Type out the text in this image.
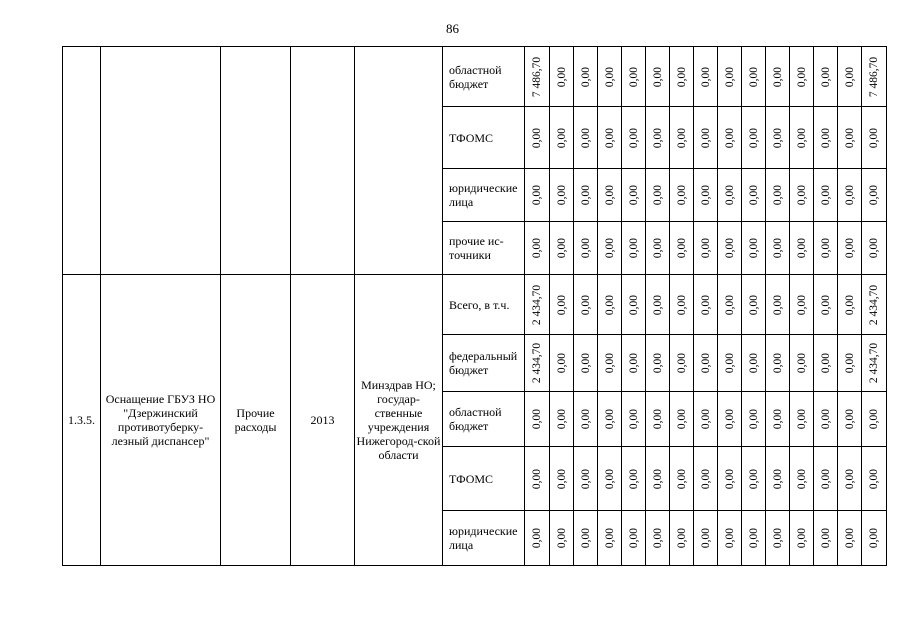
86
					областной бюджет	7 486,70	0,00	0,00	0,00	0,00	0,00	0,00	0,00	0,00	0,00	0,00	0,00	0,00	0,00	7 486,70

					ТФОМС	0,00	0,00	0,00	0,00	0,00	0,00	0,00	0,00	0,00	0,00	0,00	0,00	0,00	0,00	0,00

					юридические лица	0,00	0,00	0,00	0,00	0,00	0,00	0,00	0,00	0,00	0,00	0,00	0,00	0,00	0,00	0,00

					прочие ис-точники	0,00	0,00	0,00	0,00	0,00	0,00	0,00	0,00	0,00	0,00	0,00	0,00	0,00	0,00	0,00

1.3.5.	Оснащение ГБУЗ НО "Дзержинский противотуберку-лезный диспансер"	Прочие расходы	2013	Минздрав НО; государ-ственные учреждения Нижегород-ской области	Всего, в т.ч.	2 434,70	0,00	0,00	0,00	0,00	0,00	0,00	0,00	0,00	0,00	0,00	0,00	0,00	0,00	2 434,70

					федеральный бюджет	2 434,70	0,00	0,00	0,00	0,00	0,00	0,00	0,00	0,00	0,00	0,00	0,00	0,00	0,00	2 434,70

					областной бюджет	0,00	0,00	0,00	0,00	0,00	0,00	0,00	0,00	0,00	0,00	0,00	0,00	0,00	0,00	0,00

					ТФОМС	0,00	0,00	0,00	0,00	0,00	0,00	0,00	0,00	0,00	0,00	0,00	0,00	0,00	0,00	0,00

					юридические лица	0,00	0,00	0,00	0,00	0,00	0,00	0,00	0,00	0,00	0,00	0,00	0,00	0,00	0,00	0,00
